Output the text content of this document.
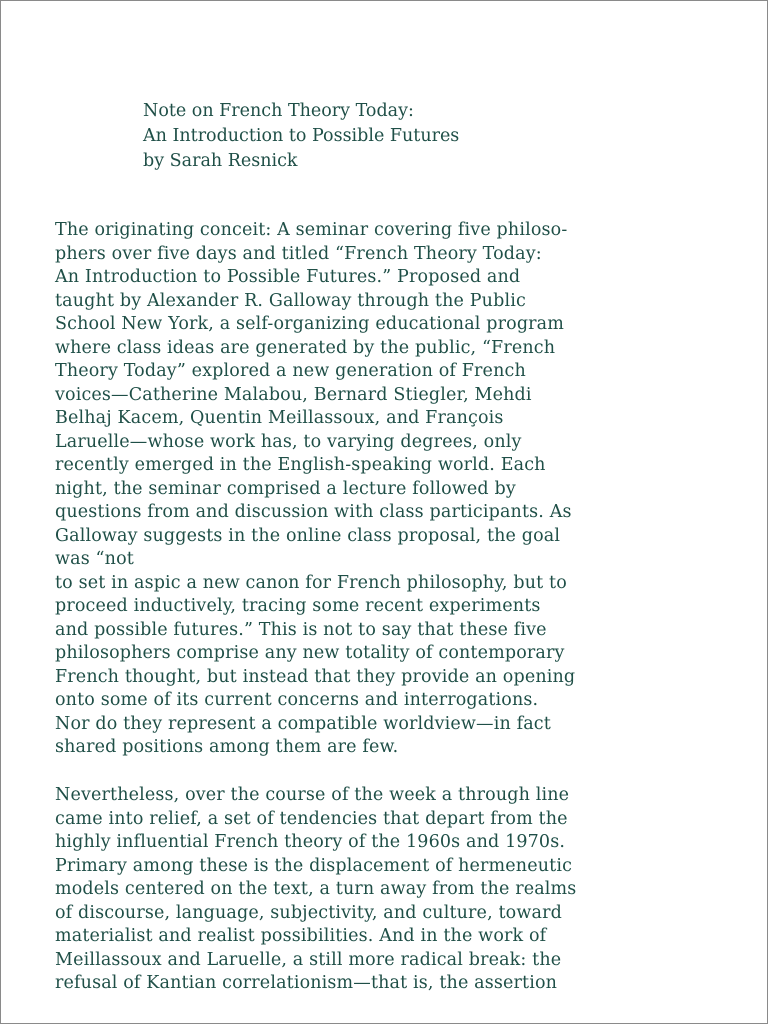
Note on French Theory Today:
An Introduction to Possible Futures
by Sarah Resnick
The originating conceit: A seminar covering five philoso-
phers over five days and titled “French Theory Today:
An Introduction to Possible Futures.” Proposed and
taught by Alexander R. Galloway through the Public
School New York, a self-organizing educational program
where class ideas are generated by the public, “French
Theory Today” explored a new generation of French
voices—Catherine Malabou, Bernard Stiegler, Mehdi
Belhaj Kacem, Quentin Meillassoux, and François
Laruelle—whose work has, to varying degrees, only
recently emerged in the English-speaking world. Each
night, the seminar comprised a lecture followed by
questions from and discussion with class participants. As
Galloway suggests in the online class proposal, the goal
was “not
to set in aspic a new canon for French philosophy, but to
proceed inductively, tracing some recent experiments
and possible futures.” This is not to say that these five
philosophers comprise any new totality of contemporary
French thought, but instead that they provide an opening
onto some of its current concerns and interrogations.
Nor do they represent a compatible worldview—in fact
shared positions among them are few.
Nevertheless, over the course of the week a through line
came into relief, a set of tendencies that depart from the
highly influential French theory of the 1960s and 1970s.
Primary among these is the displacement of hermeneutic
models centered on the text, a turn away from the realms
of discourse, language, subjectivity, and culture, toward
materialist and realist possibilities. And in the work of
Meillassoux and Laruelle, a still more radical break: the
refusal of Kantian correlationism—that is, the assertion
